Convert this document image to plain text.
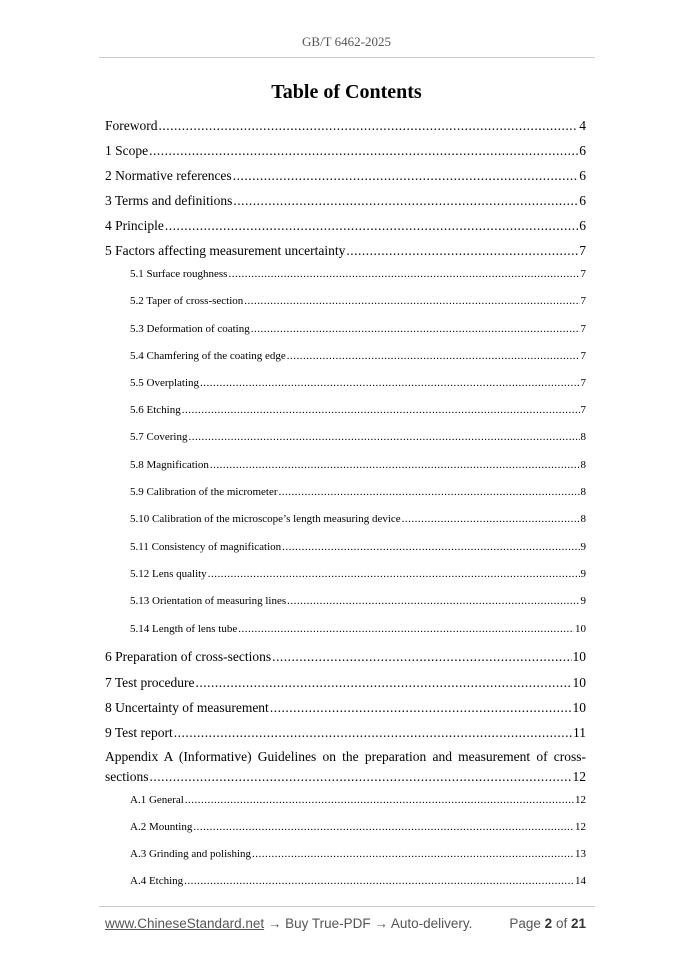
GB/T 6462-2025
Table of Contents
Foreword .....	4
1 Scope .....	6
2 Normative references .....	6
3 Terms and definitions .....	6
4 Principle .....	6
5 Factors affecting measurement uncertainty .....	7
5.1 Surface roughness .....	7
5.2 Taper of cross-section .....	7
5.3 Deformation of coating .....	7
5.4 Chamfering of the coating edge .....	7
5.5 Overplating .....	7
5.6 Etching .....	7
5.7 Covering .....	8
5.8 Magnification .....	8
5.9 Calibration of the micrometer .....	8
5.10 Calibration of the microscope’s length measuring device .....	8
5.11 Consistency of magnification .....	9
5.12 Lens quality .....	9
5.13 Orientation of measuring lines .....	9
5.14 Length of lens tube .....	10
6 Preparation of cross-sections .....	10
7 Test procedure .....	10
8 Uncertainty of measurement .....	10
9 Test report .....	11
Appendix A (Informative) Guidelines on the preparation and measurement of cross-
sections .....	12
A.1 General .....	12
A.2 Mounting .....	12
A.3 Grinding and polishing .....	13
A.4 Etching .....	14
www.ChineseStandard.net → Buy True-PDF → Auto-delivery.	Page 2 of 21
